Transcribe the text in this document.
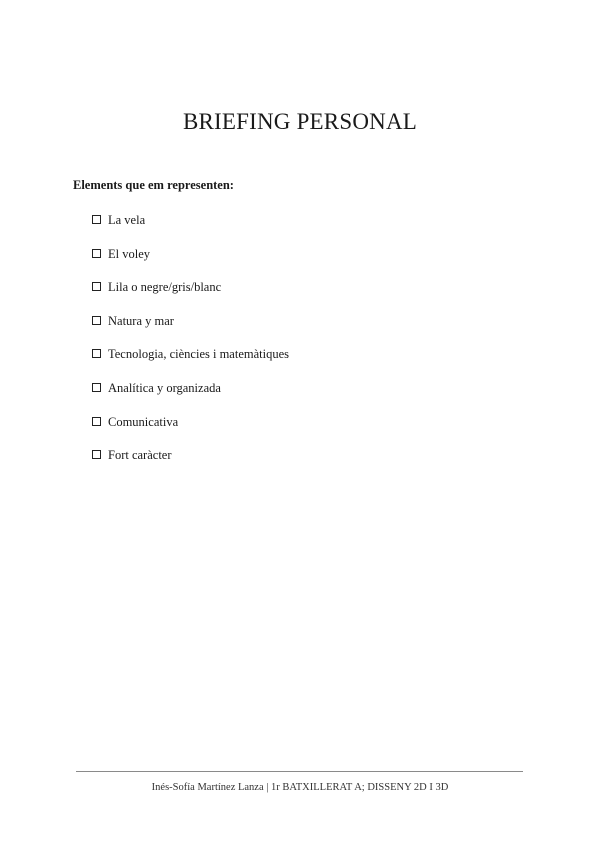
BRIEFING PERSONAL

Elements que em representen:

La vela
El voley
Lila o negre/gris/blanc
Natura y mar
Tecnologia, ciències i matemàtiques
Analítica y organizada
Comunicativa
Fort caràcter
Inés-Sofía Martínez Lanza | 1r BATXILLERAT A; DISSENY 2D I 3D
